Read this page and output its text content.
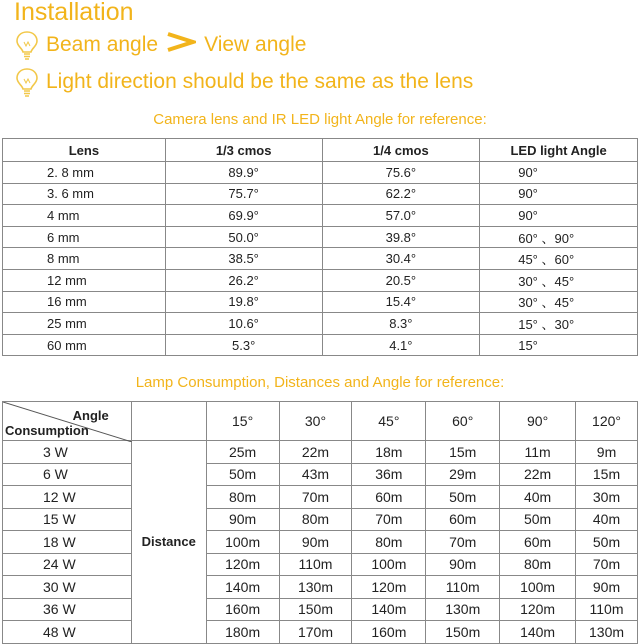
Installation
Beam angle View angle
Light direction should be the same as the lens
Camera lens and IR LED light Angle for reference:
Lens	1/3 cmos	1/4 cmos	LED light Angle
2. 8 mm	89.9°	75.6°	90°
3. 6 mm	75.7°	62.2°	90°
4 mm	69.9°	57.0°	90°
6 mm	50.0°	39.8°	60° 、90°
8 mm	38.5°	30.4°	45° 、60°
12 mm	26.2°	20.5°	30° 、45°
16 mm	19.8°	15.4°	30° 、45°
25 mm	10.6°	8.3°	15° 、30°
60 mm	5.3°	4.1°	15°
Lamp Consumption, Distances and Angle for reference:
Angle
Consumption		15°	30°	45°	60°	90°	120°
3 W	Distance	25m	22m	18m	15m	11m	9m
6 W		50m	43m	36m	29m	22m	15m
12 W		80m	70m	60m	50m	40m	30m
15 W		90m	80m	70m	60m	50m	40m
18 W		100m	90m	80m	70m	60m	50m
24 W		120m	110m	100m	90m	80m	70m
30 W		140m	130m	120m	110m	100m	90m
36 W		160m	150m	140m	130m	120m	110m
48 W		180m	170m	160m	150m	140m	130m
